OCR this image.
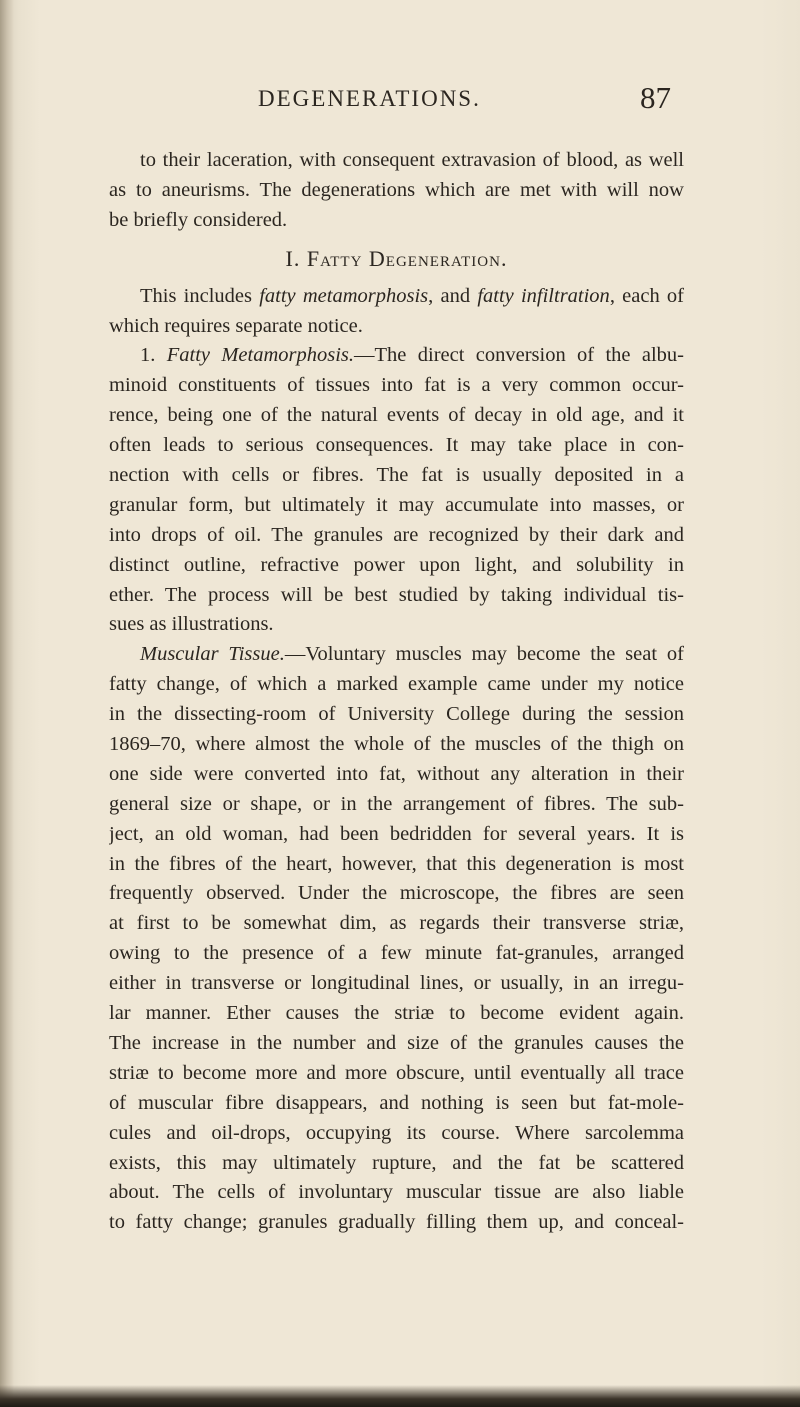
DEGENERATIONS.	87
to their laceration, with consequent extravasion of blood, as well
as to aneurisms. The degenerations which are met with will now
be briefly considered.
I. Fatty Degeneration.
This includes fatty metamorphosis, and fatty infiltration, each of
which requires separate notice.
1. Fatty Metamorphosis.—The direct conversion of the albu-
minoid constituents of tissues into fat is a very common occur-
rence, being one of the natural events of decay in old age, and it
often leads to serious consequences. It may take place in con-
nection with cells or fibres. The fat is usually deposited in a
granular form, but ultimately it may accumulate into masses, or
into drops of oil. The granules are recognized by their dark and
distinct outline, refractive power upon light, and solubility in
ether. The process will be best studied by taking individual tis-
sues as illustrations.
Muscular Tissue.—Voluntary muscles may become the seat of
fatty change, of which a marked example came under my notice
in the dissecting-room of University College during the session
1869–70, where almost the whole of the muscles of the thigh on
one side were converted into fat, without any alteration in their
general size or shape, or in the arrangement of fibres. The sub-
ject, an old woman, had been bedridden for several years. It is
in the fibres of the heart, however, that this degeneration is most
frequently observed. Under the microscope, the fibres are seen
at first to be somewhat dim, as regards their transverse striæ,
owing to the presence of a few minute fat-granules, arranged
either in transverse or longitudinal lines, or usually, in an irregu-
lar manner. Ether causes the striæ to become evident again.
The increase in the number and size of the granules causes the
striæ to become more and more obscure, until eventually all trace
of muscular fibre disappears, and nothing is seen but fat-mole-
cules and oil-drops, occupying its course. Where sarcolemma
exists, this may ultimately rupture, and the fat be scattered
about. The cells of involuntary muscular tissue are also liable
to fatty change; granules gradually filling them up, and conceal-
